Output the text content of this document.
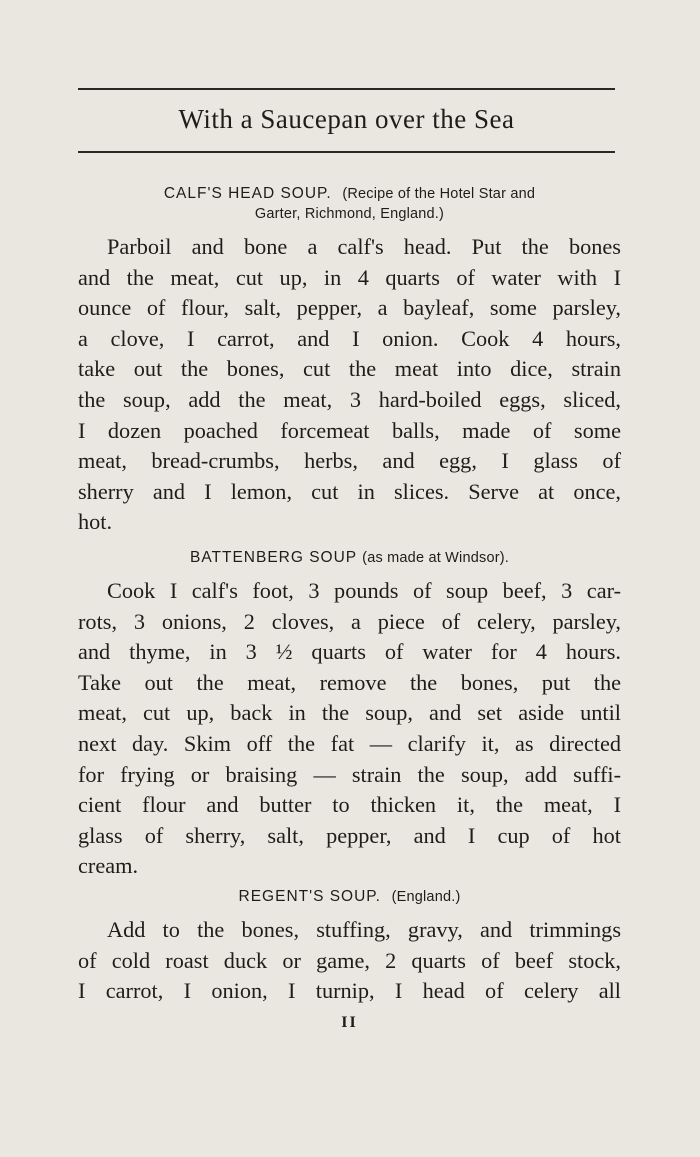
With a Saucepan over the Sea
CALF'S HEAD SOUP. (Recipe of the Hotel Star and
Garter, Richmond, England.)
Parboil and bone a calf's head. Put the bones
and the meat, cut up, in 4 quarts of water with I
ounce of flour, salt, pepper, a bayleaf, some parsley,
a clove, I carrot, and I onion. Cook 4 hours,
take out the bones, cut the meat into dice, strain
the soup, add the meat, 3 hard-boiled eggs, sliced,
I dozen poached forcemeat balls, made of some
meat, bread-crumbs, herbs, and egg, I glass of
sherry and I lemon, cut in slices. Serve at once,
hot.
BATTENBERG SOUP (as made at Windsor).
Cook I calf's foot, 3 pounds of soup beef, 3 car-
rots, 3 onions, 2 cloves, a piece of celery, parsley,
and thyme, in 3 ½ quarts of water for 4 hours.
Take out the meat, remove the bones, put the
meat, cut up, back in the soup, and set aside until
next day. Skim off the fat — clarify it, as directed
for frying or braising — strain the soup, add suffi-
cient flour and butter to thicken it, the meat, I
glass of sherry, salt, pepper, and I cup of hot
cream.
REGENT'S SOUP. (England.)
Add to the bones, stuffing, gravy, and trimmings
of cold roast duck or game, 2 quarts of beef stock,
I carrot, I onion, I turnip, I head of celery all
II
